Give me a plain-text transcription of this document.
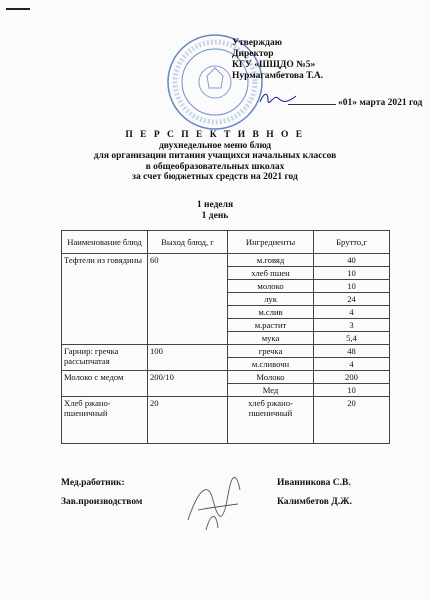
Утверждаю
Директор
КГУ «ШЩДО №5»
Нурмагамбетова Т.А.
«01» марта 2021 год
П Е Р С П Е К Т И В Н О Е
двухнедельное меню блюд
для организации питания учащихся начальных классов
в общеобразовательных школах
за счет бюджетных средств на 2021 год
1 неделя
1 день
Наименование блюд	Выход блюд, г	Ингредиенты	Брутто,г
Тефтели из говядины	60	м.говяд	40
		хлеб пшен	10
		молоко	10
		лук	24
		м.слив	4
		м.растит	3
		мука	5,4
Гарнир: гречка рассыпчатая	100	гречка	48
		м.сливочн	4
Молоко с медом	200/10	Молоко	200
		Мед	10
Хлеб ржано-пшеничный	20	хлеб ржано-пшеничный	20
Мед.работник:	Иванникова С.В.
Зав.производством	Калимбетов Д.Ж.
